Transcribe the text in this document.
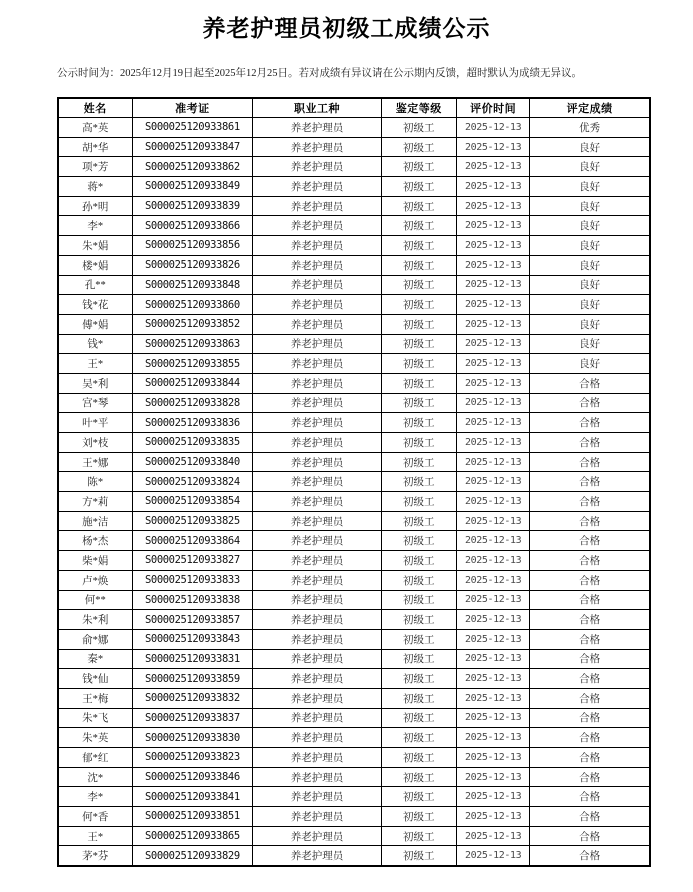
养老护理员初级工成绩公示

公示时间为：2025年12月19日起至2025年12月25日。若对成绩有异议请在公示期内反馈，超时默认为成绩无异议。

姓名	准考证	职业工种	鉴定等级	评价时间	评定成绩
高*英	S000025120933861	养老护理员	初级工	2025-12-13	优秀
胡*华	S000025120933847	养老护理员	初级工	2025-12-13	良好
项*芳	S000025120933862	养老护理员	初级工	2025-12-13	良好
蒋*	S000025120933849	养老护理员	初级工	2025-12-13	良好
孙*明	S000025120933839	养老护理员	初级工	2025-12-13	良好
李*	S000025120933866	养老护理员	初级工	2025-12-13	良好
朱*娟	S000025120933856	养老护理员	初级工	2025-12-13	良好
楼*娟	S000025120933826	养老护理员	初级工	2025-12-13	良好
孔**	S000025120933848	养老护理员	初级工	2025-12-13	良好
钱*花	S000025120933860	养老护理员	初级工	2025-12-13	良好
傅*娟	S000025120933852	养老护理员	初级工	2025-12-13	良好
钱*	S000025120933863	养老护理员	初级工	2025-12-13	良好
王*	S000025120933855	养老护理员	初级工	2025-12-13	良好
吴*利	S000025120933844	养老护理员	初级工	2025-12-13	合格
宫*琴	S000025120933828	养老护理员	初级工	2025-12-13	合格
叶*平	S000025120933836	养老护理员	初级工	2025-12-13	合格
刘*枝	S000025120933835	养老护理员	初级工	2025-12-13	合格
王*娜	S000025120933840	养老护理员	初级工	2025-12-13	合格
陈*	S000025120933824	养老护理员	初级工	2025-12-13	合格
方*莉	S000025120933854	养老护理员	初级工	2025-12-13	合格
施*洁	S000025120933825	养老护理员	初级工	2025-12-13	合格
杨*杰	S000025120933864	养老护理员	初级工	2025-12-13	合格
柴*娟	S000025120933827	养老护理员	初级工	2025-12-13	合格
卢*焕	S000025120933833	养老护理员	初级工	2025-12-13	合格
何**	S000025120933838	养老护理员	初级工	2025-12-13	合格
朱*利	S000025120933857	养老护理员	初级工	2025-12-13	合格
俞*娜	S000025120933843	养老护理员	初级工	2025-12-13	合格
秦*	S000025120933831	养老护理员	初级工	2025-12-13	合格
钱*仙	S000025120933859	养老护理员	初级工	2025-12-13	合格
王*梅	S000025120933832	养老护理员	初级工	2025-12-13	合格
朱*飞	S000025120933837	养老护理员	初级工	2025-12-13	合格
朱*英	S000025120933830	养老护理员	初级工	2025-12-13	合格
郁*红	S000025120933823	养老护理员	初级工	2025-12-13	合格
沈*	S000025120933846	养老护理员	初级工	2025-12-13	合格
李*	S000025120933841	养老护理员	初级工	2025-12-13	合格
何*香	S000025120933851	养老护理员	初级工	2025-12-13	合格
王*	S000025120933865	养老护理员	初级工	2025-12-13	合格
茅*芬	S000025120933829	养老护理员	初级工	2025-12-13	合格
